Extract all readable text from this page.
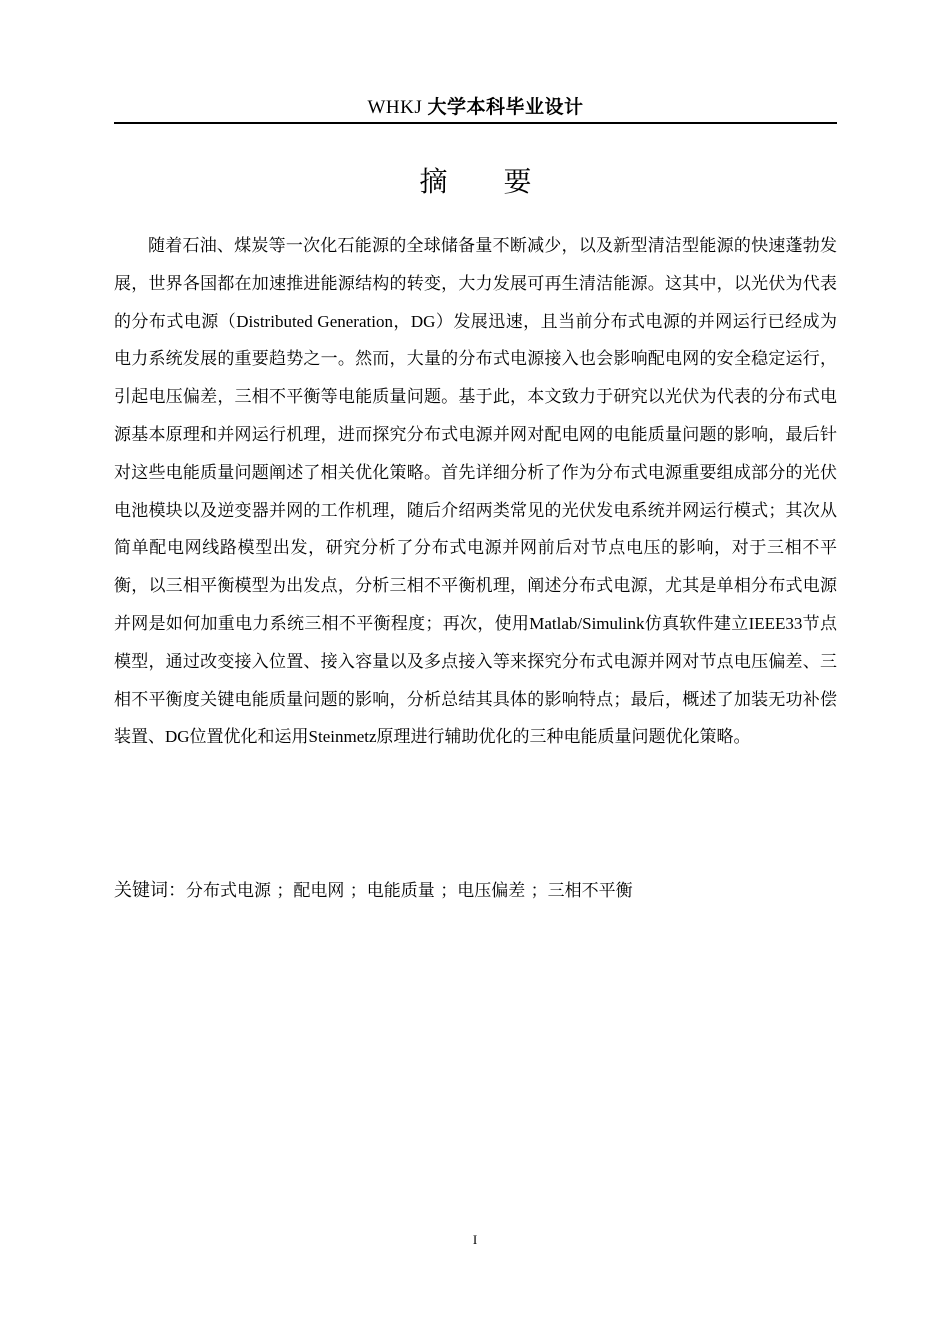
WHKJ 大学本科毕业设计
摘 要

随着石油、煤炭等一次化石能源的全球储备量不断减少，以及新型清洁型能源的快速蓬勃发展，世界各国都在加速推进能源结构的转变，大力发展可再生清洁能源。这其中，以光伏为代表的分布式电源（Distributed Generation，DG）发展迅速，且当前分布式电源的并网运行已经成为电力系统发展的重要趋势之一。然而，大量的分布式电源接入也会影响配电网的安全稳定运行，引起电压偏差，三相不平衡等电能质量问题。基于此，本文致力于研究以光伏为代表的分布式电源基本原理和并网运行机理，进而探究分布式电源并网对配电网的电能质量问题的影响，最后针对这些电能质量问题阐述了相关优化策略。首先详细分析了作为分布式电源重要组成部分的光伏电池模块以及逆变器并网的工作机理，随后介绍两类常见的光伏发电系统并网运行模式；其次从简单配电网线路模型出发，研究分析了分布式电源并网前后对节点电压的影响，对于三相不平衡，以三相平衡模型为出发点，分析三相不平衡机理，阐述分布式电源，尤其是单相分布式电源并网是如何加重电力系统三相不平衡程度；再次，使用Matlab/Simulink仿真软件建立IEEE33节点模型，通过改变接入位置、接入容量以及多点接入等来探究分布式电源并网对节点电压偏差、三相不平衡度关键电能质量问题的影响，分析总结其具体的影响特点；最后，概述了加装无功补偿装置、DG位置优化和运用Steinmetz原理进行辅助优化的三种电能质量问题优化策略。

关键词：分布式电源 ；配电网 ；电能质量 ；电压偏差 ；三相不平衡
I
